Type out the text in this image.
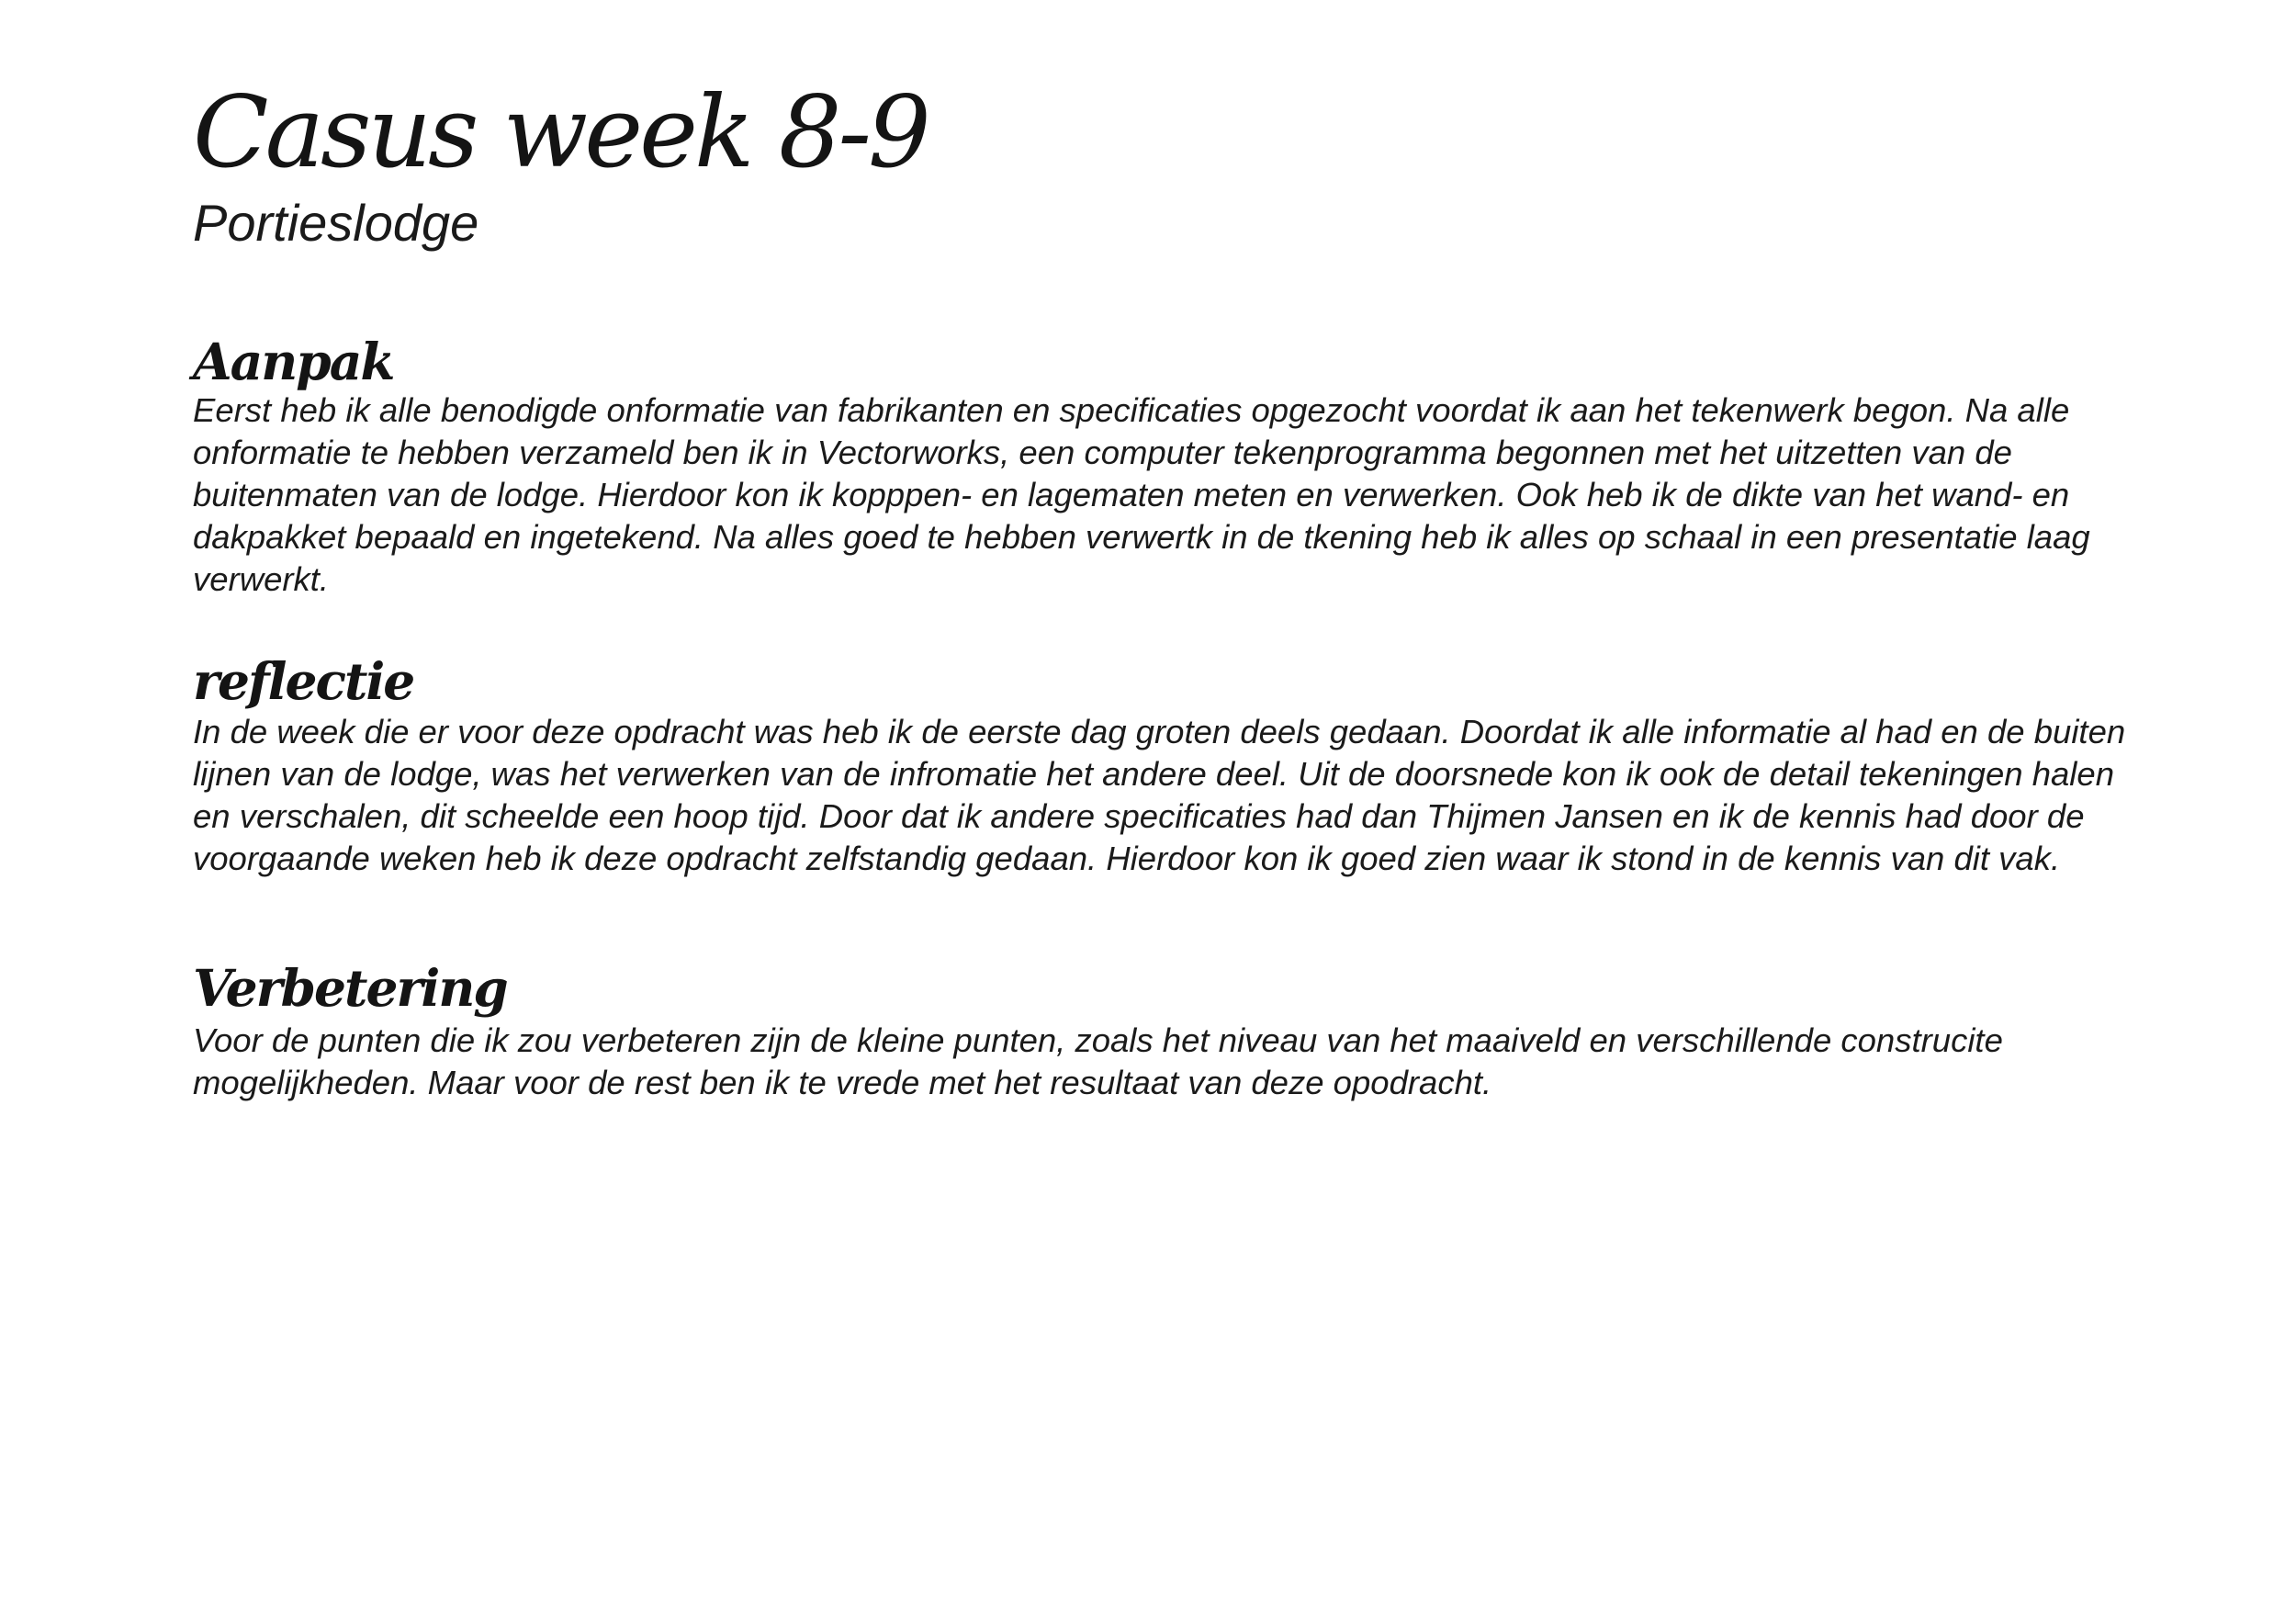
Casus week 8-9
Portieslodge
Aanpak

Eerst heb ik alle benodigde onformatie van fabrikanten en specificaties opgezocht voordat ik aan het tekenwerk begon. Na alle onformatie te hebben verzameld ben ik in Vectorworks, een computer tekenprogramma begonnen met het uitzetten van de buitenmaten van de lodge. Hierdoor kon ik kopppen- en lagematen meten en verwerken. Ook heb ik de dikte van het wand- en dakpakket bepaald en ingetekend. Na alles goed te hebben verwertk in de tkening heb ik alles op schaal in een presentatie laag verwerkt.

reflectie

In de week die er voor deze opdracht was heb ik de eerste dag groten deels gedaan. Doordat ik alle informatie al had en de buiten lijnen van de lodge, was het verwerken van de infromatie het andere deel. Uit de doorsnede kon ik ook de detail tekeningen halen en verschalen, dit scheelde een hoop tijd. Door dat ik andere specificaties had dan Thijmen Jansen en ik de kennis had door de voorgaande weken heb ik deze opdracht zelfstandig gedaan. Hierdoor kon ik goed zien waar ik stond in de kennis van dit vak.

Verbetering

Voor de punten die ik zou verbeteren zijn de kleine punten, zoals het niveau van het maaiveld en verschillende construcite mogelijkheden. Maar voor de rest ben ik te vrede met het resultaat van deze opodracht.
